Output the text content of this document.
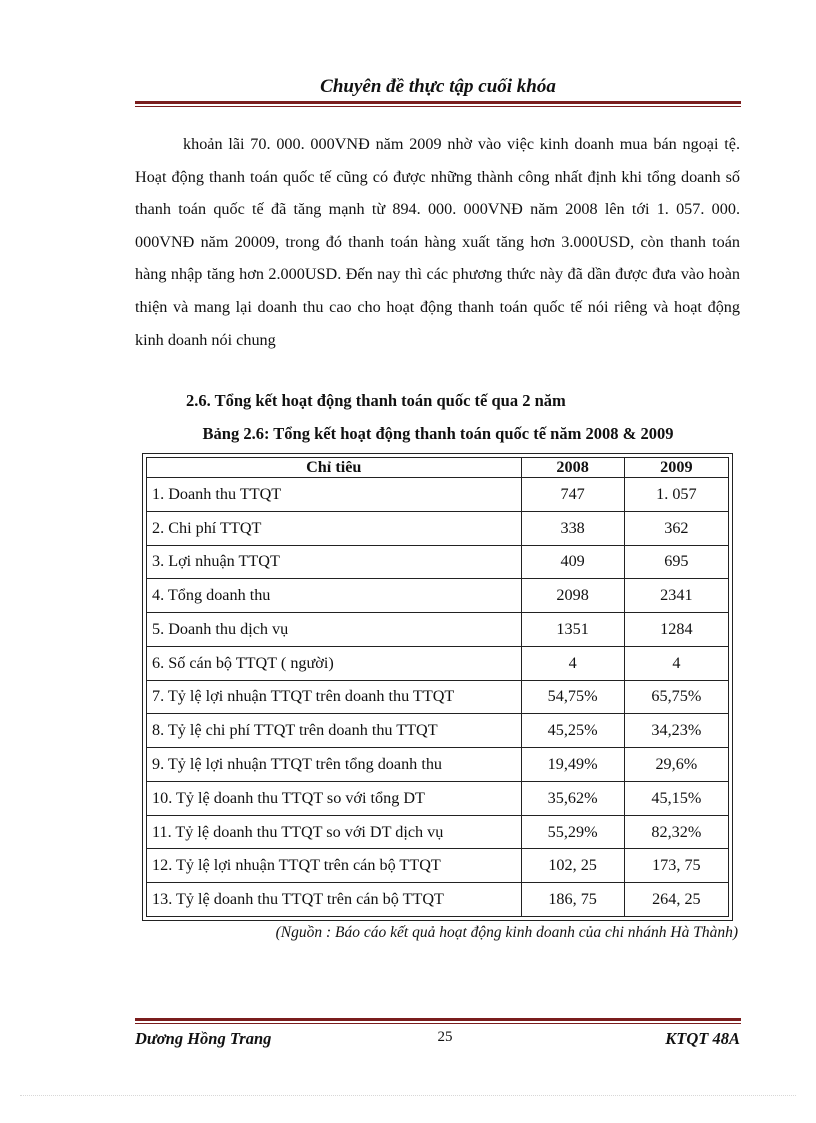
Chuyên đề thực tập cuối khóa
khoản lãi 70. 000. 000VNĐ năm 2009 nhờ vào việc kinh doanh mua bán ngoại tệ. Hoạt động thanh toán quốc tế cũng có được những thành công nhất định khi tổng doanh số thanh toán quốc tế đã tăng mạnh từ 894. 000. 000VNĐ năm 2008 lên tới 1. 057. 000. 000VNĐ năm 20009, trong đó thanh toán hàng xuất tăng hơn 3.000USD, còn thanh toán hàng nhập tăng hơn 2.000USD. Đến nay thì các phương thức này đã dần được đưa vào hoàn thiện và mang lại doanh thu cao cho hoạt động thanh toán quốc tế nói riêng và hoạt động kinh doanh nói chung
2.6. Tổng kết hoạt động thanh toán quốc tế qua 2 năm
Bảng 2.6: Tổng kết hoạt động thanh toán quốc tế năm 2008 & 2009
Chỉ tiêu	2008	2009
1. Doanh thu TTQT	747	1. 057
2. Chi phí TTQT	338	362
3. Lợi nhuận TTQT	409	695
4. Tổng doanh thu	2098	2341
5. Doanh thu dịch vụ	1351	1284
6. Số cán bộ TTQT ( người)	4	4
7. Tỷ lệ lợi nhuận TTQT trên doanh thu TTQT	54,75%	65,75%
8. Tỷ lệ chi phí TTQT trên doanh thu TTQT	45,25%	34,23%
9. Tỷ lệ lợi nhuận TTQT trên tổng doanh thu	19,49%	29,6%
10. Tỷ lệ doanh thu TTQT so với tổng DT	35,62%	45,15%
11. Tỷ lệ doanh thu TTQT so với DT dịch vụ	55,29%	82,32%
12. Tỷ lệ lợi nhuận TTQT trên cán bộ TTQT	102, 25	173, 75
13. Tỷ lệ doanh thu TTQT trên cán bộ TTQT	186, 75	264, 25
(Nguồn : Báo cáo kết quả hoạt động kinh doanh của chi nhánh Hà Thành)
Dương Hồng Trang	25	KTQT 48A
